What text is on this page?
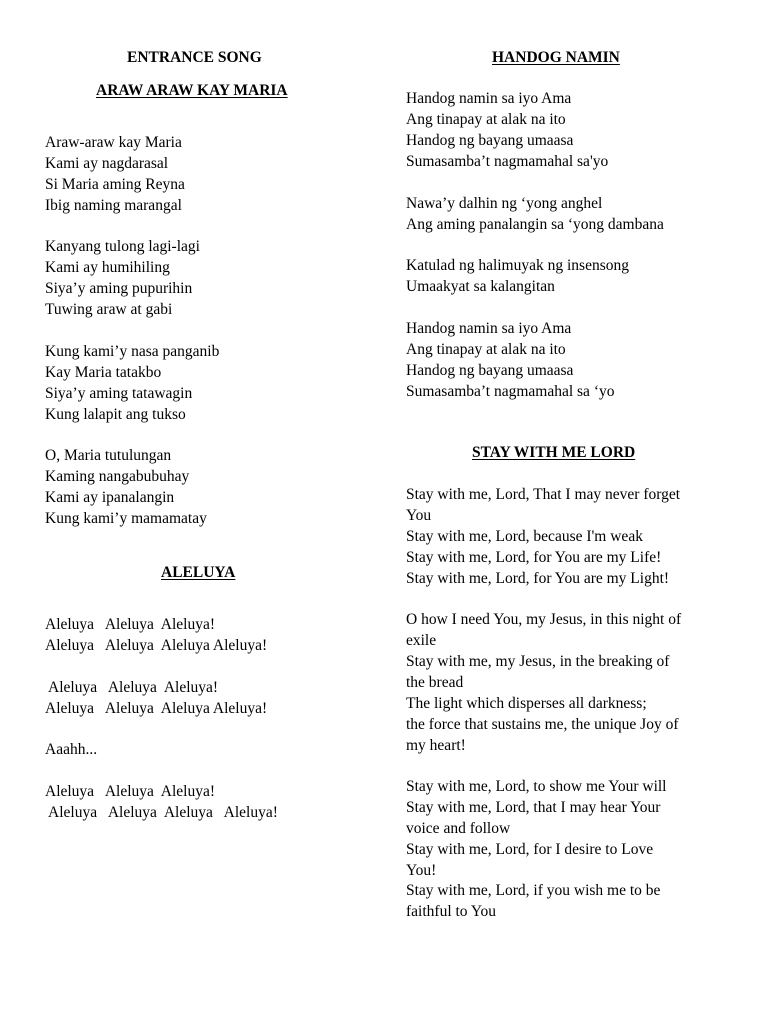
ENTRANCE SONG
ARAW ARAW KAY MARIA
Araw-araw kay Maria
Kami ay nagdarasal
Si Maria aming Reyna
Ibig naming marangal
Kanyang tulong lagi-lagi
Kami ay humihiling
Siya’y aming pupurihin
Tuwing araw at gabi
Kung kami’y nasa panganib
Kay Maria tatakbo
Siya’y aming tatawagin
Kung lalapit ang tukso
O, Maria tutulungan
Kaming nangabubuhay
Kami ay ipanalangin
Kung kami’y mamamatay
ALELUYA
Aleluya   Aleluya  Aleluya!
Aleluya   Aleluya  Aleluya Aleluya!
Aleluya   Aleluya  Aleluya!
Aleluya   Aleluya  Aleluya Aleluya!
Aaahh...
Aleluya   Aleluya  Aleluya!
Aleluya   Aleluya  Aleluya   Aleluya!
HANDOG NAMIN
Handog namin sa iyo Ama
Ang tinapay at alak na ito
Handog ng bayang umaasa
Sumasamba’t nagmamahal sa'yo
Nawa’y dalhin ng ‘yong anghel
Ang aming panalangin sa ‘yong dambana
Katulad ng halimuyak ng insensong
Umaakyat sa kalangitan
Handog namin sa iyo Ama
Ang tinapay at alak na ito
Handog ng bayang umaasa
Sumasamba’t nagmamahal sa ‘yo
STAY WITH ME LORD
Stay with me, Lord, That I may never forget
You
Stay with me, Lord, because I'm weak
Stay with me, Lord, for You are my Life!
Stay with me, Lord, for You are my Light!
O how I need You, my Jesus, in this night of
exile
Stay with me, my Jesus, in the breaking of
the bread
The light which disperses all darkness;
the force that sustains me, the unique Joy of
my heart!
Stay with me, Lord, to show me Your will
Stay with me, Lord, that I may hear Your
voice and follow
Stay with me, Lord, for I desire to Love
You!
Stay with me, Lord, if you wish me to be
faithful to You
